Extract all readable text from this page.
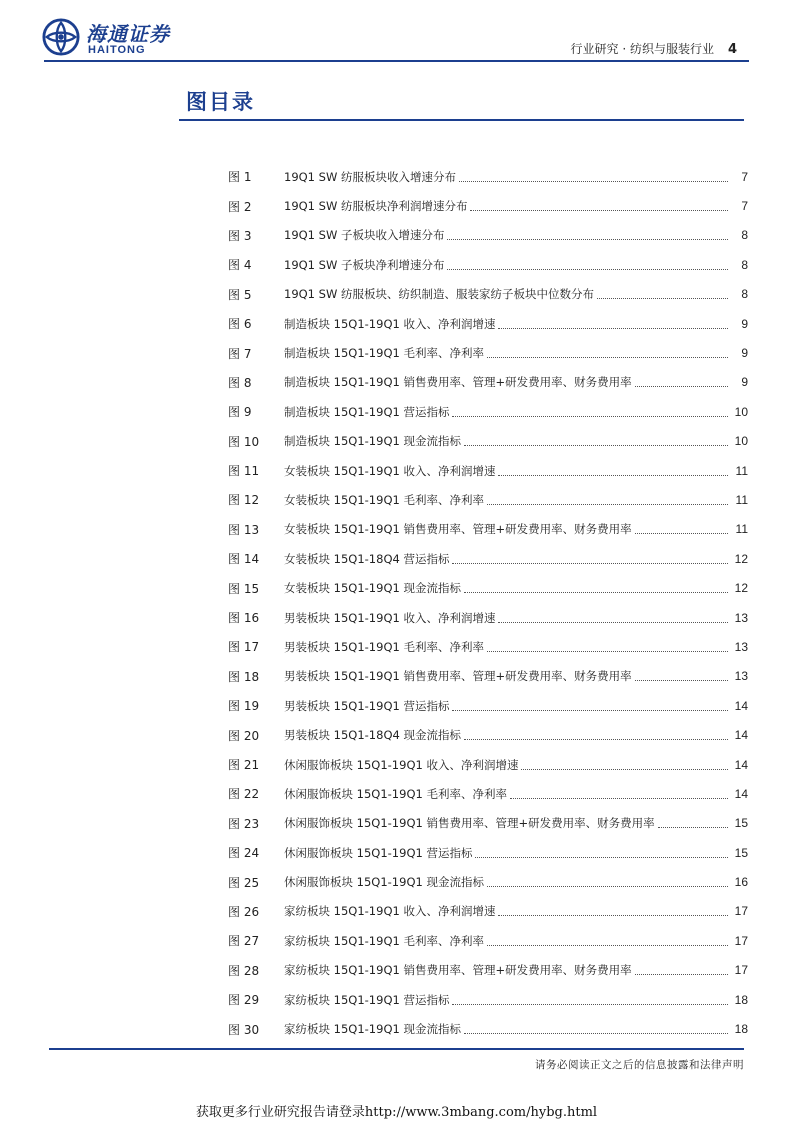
海通证券
HAITONG	行业研究 · 纺织与服装行业 4
图目录
图 1	19Q1 SW 纺服板块收入增速分布	7
图 2	19Q1 SW 纺服板块净利润增速分布	7
图 3	19Q1 SW 子板块收入增速分布	8
图 4	19Q1 SW 子板块净利增速分布	8
图 5	19Q1 SW 纺服板块、纺织制造、服装家纺子板块中位数分布	8
图 6	制造板块 15Q1-19Q1 收入、净利润增速	9
图 7	制造板块 15Q1-19Q1 毛利率、净利率	9
图 8	制造板块 15Q1-19Q1 销售费用率、管理+研发费用率、财务费用率	9
图 9	制造板块 15Q1-19Q1 营运指标	10
图 10	制造板块 15Q1-19Q1 现金流指标	10
图 11	女装板块 15Q1-19Q1 收入、净利润增速	11
图 12	女装板块 15Q1-19Q1 毛利率、净利率	11
图 13	女装板块 15Q1-19Q1 销售费用率、管理+研发费用率、财务费用率	11
图 14	女装板块 15Q1-18Q4 营运指标	12
图 15	女装板块 15Q1-19Q1 现金流指标	12
图 16	男装板块 15Q1-19Q1 收入、净利润增速	13
图 17	男装板块 15Q1-19Q1 毛利率、净利率	13
图 18	男装板块 15Q1-19Q1 销售费用率、管理+研发费用率、财务费用率	13
图 19	男装板块 15Q1-19Q1 营运指标	14
图 20	男装板块 15Q1-18Q4 现金流指标	14
图 21	休闲服饰板块 15Q1-19Q1 收入、净利润增速	14
图 22	休闲服饰板块 15Q1-19Q1 毛利率、净利率	14
图 23	休闲服饰板块 15Q1-19Q1 销售费用率、管理+研发费用率、财务费用率	15
图 24	休闲服饰板块 15Q1-19Q1 营运指标	15
图 25	休闲服饰板块 15Q1-19Q1 现金流指标	16
图 26	家纺板块 15Q1-19Q1 收入、净利润增速	17
图 27	家纺板块 15Q1-19Q1 毛利率、净利率	17
图 28	家纺板块 15Q1-19Q1 销售费用率、管理+研发费用率、财务费用率	17
图 29	家纺板块 15Q1-19Q1 营运指标	18
图 30	家纺板块 15Q1-19Q1 现金流指标	18
请务必阅读正文之后的信息披露和法律声明
获取更多行业研究报告请登录http://www.3mbang.com/hybg.html
